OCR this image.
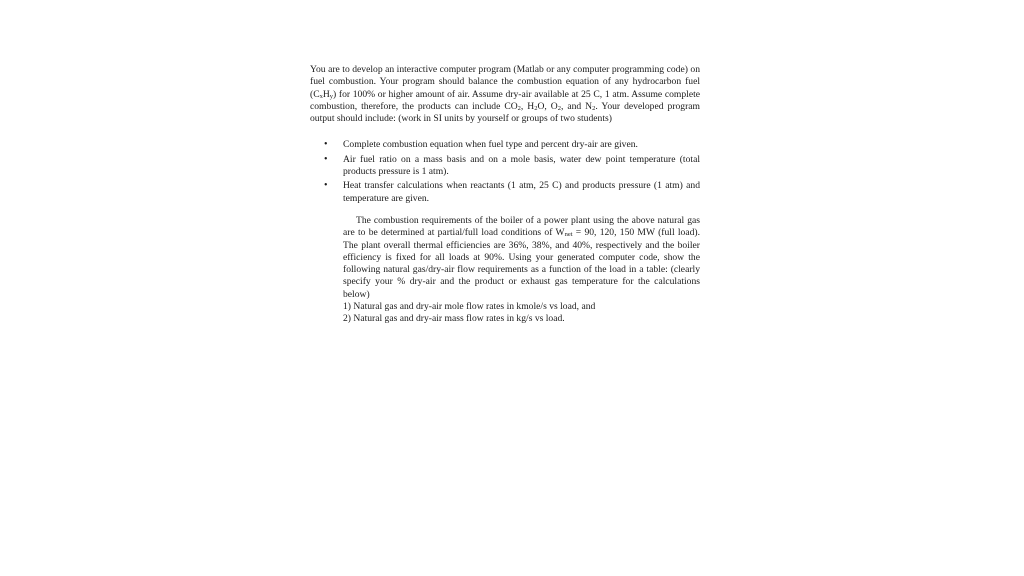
You are to develop an interactive computer program (Matlab or any computer programming code) on fuel combustion. Your program should balance the combustion equation of any hydrocarbon fuel $(C_xH_y)$ for 100% or higher amount of air. Assume dry-air available at 25 C, 1 atm. Assume complete combustion, therefore, the products can include $CO_2$, $H_2O$, $O_2$, and $N_2$. Your developed program output should include: (work in SI units by yourself or groups of two students)

• Complete combustion equation when fuel type and percent dry-air are given.
• Air fuel ratio on a mass basis and on a mole basis, water dew point temperature (total products pressure is 1 atm).
• Heat transfer calculations when reactants (1 atm, 25 C) and products pressure (1 atm) and temperature are given.

The combustion requirements of the boiler of a power plant using the above natural gas are to be determined at partial/full load conditions of $W_{net} = 90$, 120, 150 MW (full load). The plant overall thermal efficiencies are 36%, 38%, and 40%, respectively and the boiler efficiency is fixed for all loads at 90%. Using your generated computer code, show the following natural gas/dry-air flow requirements as a function of the load in a table: (clearly specify your % dry-air and the product or exhaust gas temperature for the calculations below)

1) Natural gas and dry-air mole flow rates in kmole/s vs load, and
2) Natural gas and dry-air mass flow rates in kg/s vs load.
